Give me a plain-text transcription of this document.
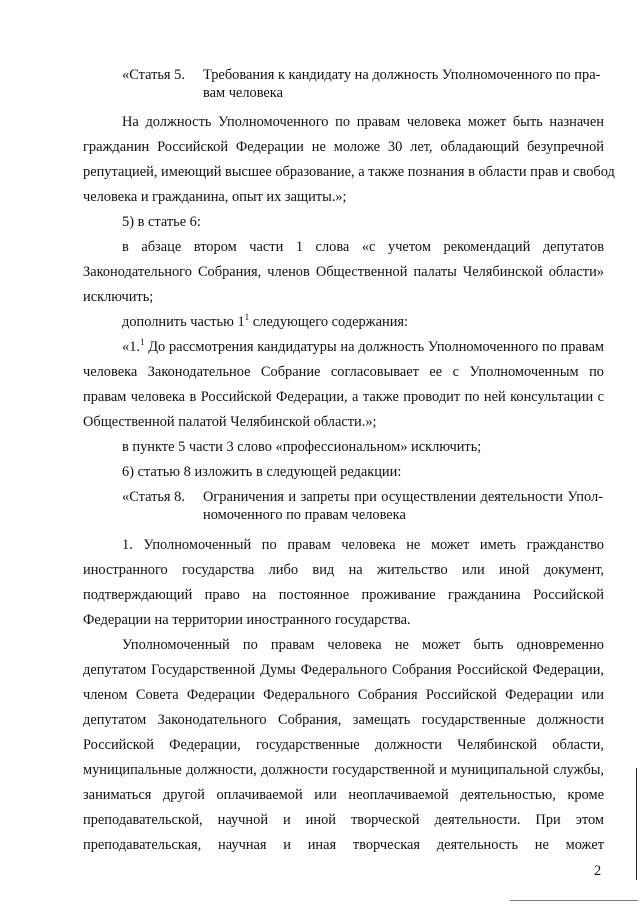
«Статья 5. Требования к кандидату на должность Уполномоченного по пра-
вам человека
На должность Уполномоченного по правам человека может быть назначен
гражданин Российской Федерации не моложе 30 лет, обладающий безупречной
репутацией, имеющий высшее образование, а также познания в области прав и свобод
человека и гражданина, опыт их защиты.»;
5) в статье 6:
в абзаце втором части 1 слова «с учетом рекомендаций депутатов
Законодательного Собрания, членов Общественной палаты Челябинской области»
исключить;
дополнить частью $1^1$ следующего содержания:
«1.$^1$ До рассмотрения кандидатуры на должность Уполномоченного по правам
человека Законодательное Собрание согласовывает ее с Уполномоченным по
правам человека в Российской Федерации, а также проводит по ней консультации с
Общественной палатой Челябинской области.»;
в пункте 5 части 3 слово «профессиональном» исключить;
6) статью 8 изложить в следующей редакции:
«Статья 8. Ограничения и запреты при осуществлении деятельности Упол-
номоченного по правам человека
1. Уполномоченный по правам человека не может иметь гражданство
иностранного государства либо вид на жительство или иной документ,
подтверждающий право на постоянное проживание гражданина Российской
Федерации на территории иностранного государства.
Уполномоченный по правам человека не может быть одновременно
депутатом Государственной Думы Федерального Собрания Российской Федерации,
членом Совета Федерации Федерального Собрания Российской Федерации или
депутатом Законодательного Собрания, замещать государственные должности
Российской Федерации, государственные должности Челябинской области,
муниципальные должности, должности государственной и муниципальной службы,
заниматься другой оплачиваемой или неоплачиваемой деятельностью, кроме
преподавательской, научной и иной творческой деятельности. При этом
преподавательская, научная и иная творческая деятельность не может
2
